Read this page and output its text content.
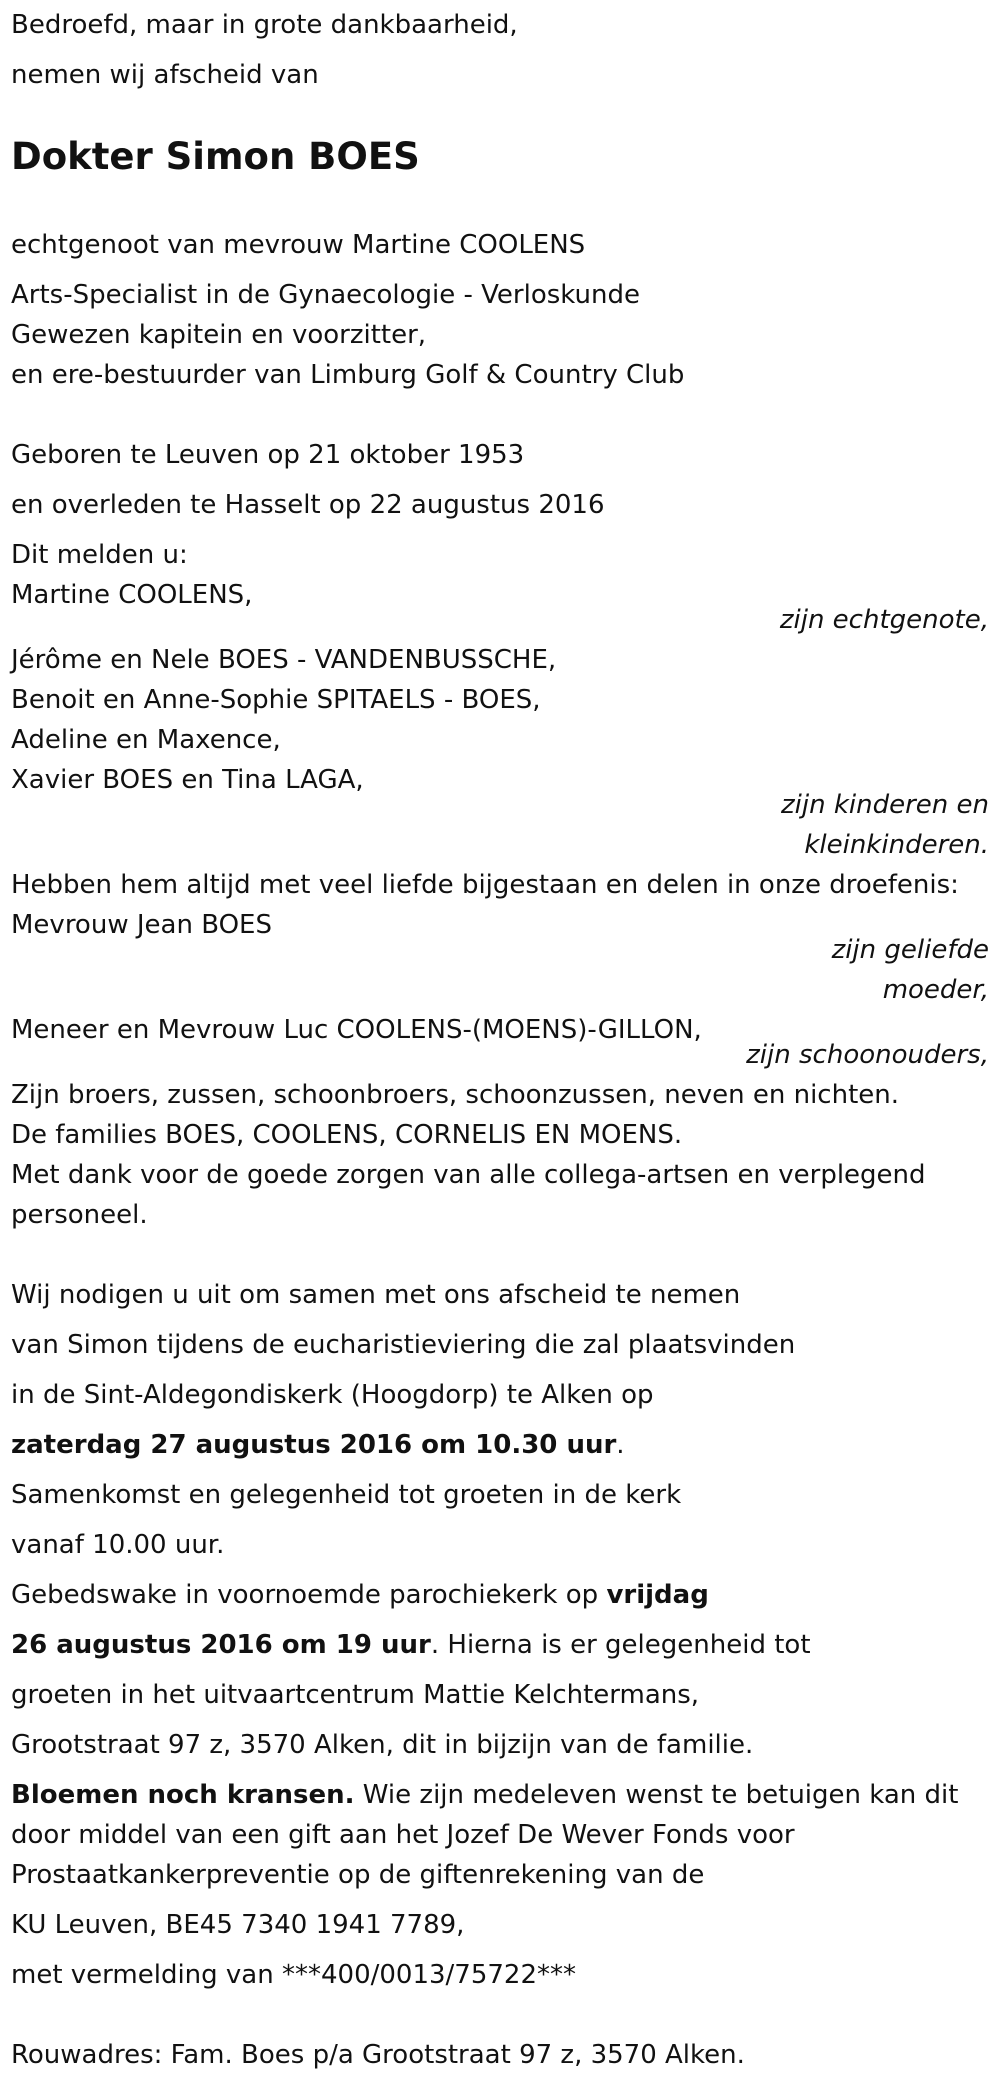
Bedroefd, maar in grote dankbaarheid,
nemen wij afscheid van
Dokter Simon BOES
echtgenoot van mevrouw Martine COOLENS
Arts-Specialist in de Gynaecologie - Verloskunde
Gewezen kapitein en voorzitter,
en ere-bestuurder van Limburg Golf & Country Club
Geboren te Leuven op 21 oktober 1953
en overleden te Hasselt op 22 augustus 2016
Dit melden u:
Martine COOLENS,
zijn echtgenote,
Jérôme en Nele BOES - VANDENBUSSCHE,
Benoit en Anne-Sophie SPITAELS - BOES,
Adeline en Maxence,
Xavier BOES en Tina LAGA,
zijn kinderen en
kleinkinderen.
Hebben hem altijd met veel liefde bijgestaan en delen in onze droefenis:
Mevrouw Jean BOES
zijn geliefde
moeder,
Meneer en Mevrouw Luc COOLENS-(MOENS)-GILLON,
zijn schoonouders,
Zijn broers, zussen, schoonbroers, schoonzussen, neven en nichten.
De families BOES, COOLENS, CORNELIS EN MOENS.
Met dank voor de goede zorgen van alle collega-artsen en verplegend
personeel.
Wij nodigen u uit om samen met ons afscheid te nemen
van Simon tijdens de eucharistieviering die zal plaatsvinden
in de Sint-Aldegondiskerk (Hoogdorp) te Alken op
zaterdag 27 augustus 2016 om 10.30 uur.
Samenkomst en gelegenheid tot groeten in de kerk
vanaf 10.00 uur.
Gebedswake in voornoemde parochiekerk op vrijdag
26 augustus 2016 om 19 uur. Hierna is er gelegenheid tot
groeten in het uitvaartcentrum Mattie Kelchtermans,
Grootstraat 97 z, 3570 Alken, dit in bijzijn van de familie.
Bloemen noch kransen. Wie zijn medeleven wenst te betuigen kan dit
door middel van een gift aan het Jozef De Wever Fonds voor
Prostaatkankerpreventie op de giftenrekening van de
KU Leuven, BE45 7340 1941 7789,
met vermelding van ***400/0013/75722***
Rouwadres: Fam. Boes p/a Grootstraat 97 z, 3570 Alken.
